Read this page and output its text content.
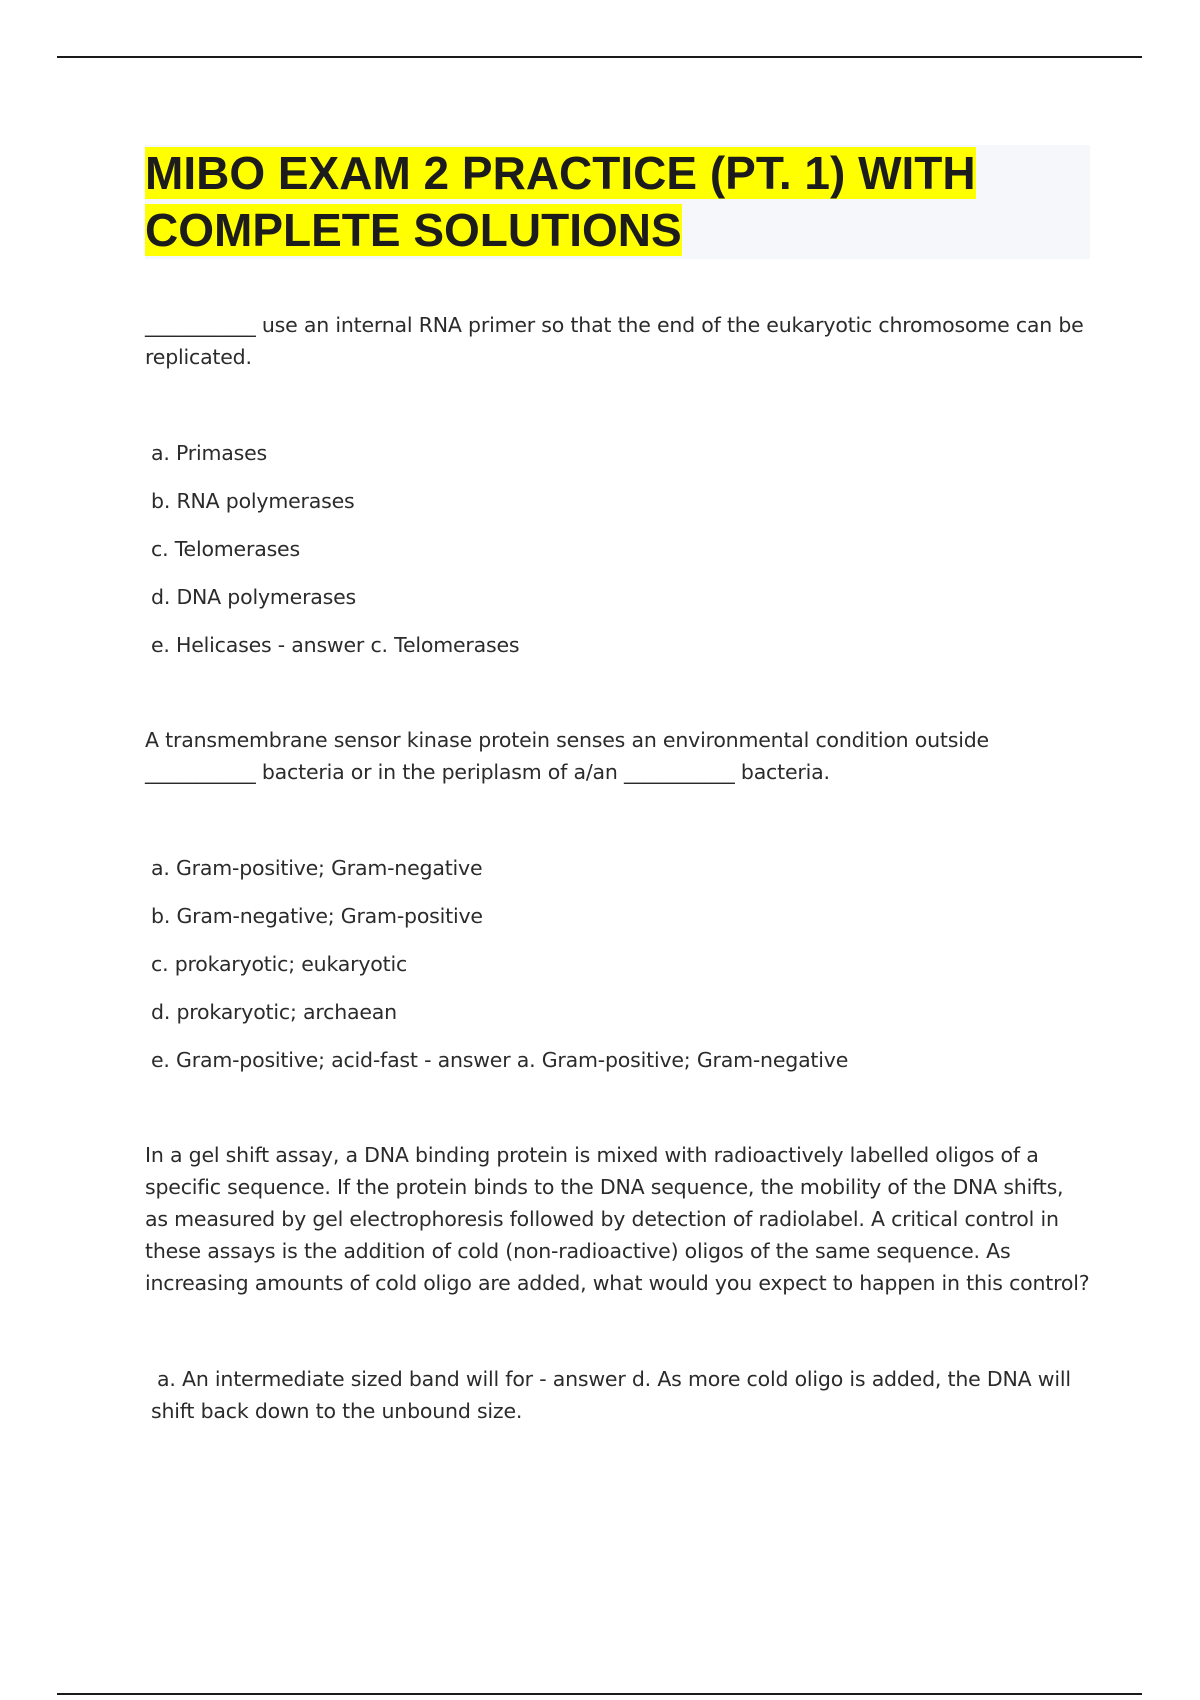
MIBO EXAM 2 PRACTICE (PT. 1) WITH COMPLETE SOLUTIONS

___________ use an internal RNA primer so that the end of the eukaryotic chromosome can be replicated.

a. Primases
b. RNA polymerases
c. Telomerases
d. DNA polymerases
e. Helicases - answer c. Telomerases

A transmembrane sensor kinase protein senses an environmental condition outside ___________ bacteria or in the periplasm of a/an ___________ bacteria.

a. Gram-positive; Gram-negative
b. Gram-negative; Gram-positive
c. prokaryotic; eukaryotic
d. prokaryotic; archaean
e. Gram-positive; acid-fast - answer a. Gram-positive; Gram-negative

In a gel shift assay, a DNA binding protein is mixed with radioactively labelled oligos of a specific sequence. If the protein binds to the DNA sequence, the mobility of the DNA shifts, as measured by gel electrophoresis followed by detection of radiolabel. A critical control in these assays is the addition of cold (non-radioactive) oligos of the same sequence. As increasing amounts of cold oligo are added, what would you expect to happen in this control?

a. An intermediate sized band will for - answer d. As more cold oligo is added, the DNA will shift back down to the unbound size.
